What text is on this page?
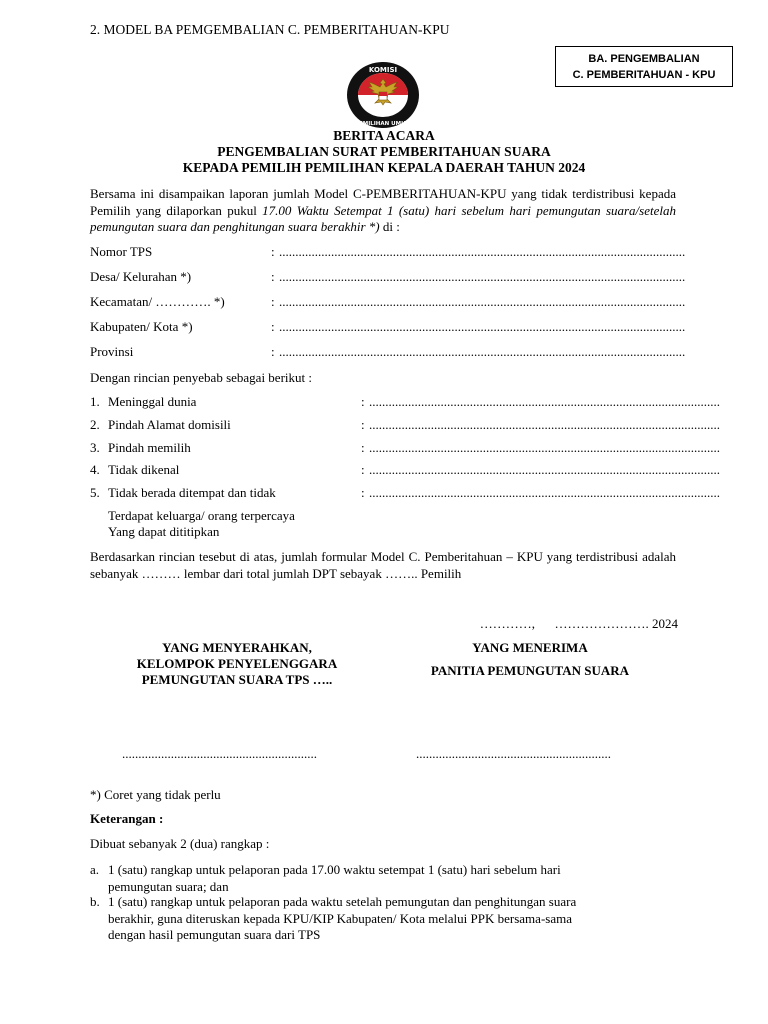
2. MODEL BA PEMGEMBALIAN C. PEMBERITAHUAN-KPU
BA. PENGEMBALIAN
C. PEMBERITAHUAN - KPU
KOMISI
PEMILIHAN UMUM
BERITA ACARA
PENGEMBALIAN SURAT PEMBERITAHUAN SUARA
KEPADA PEMILIH PEMILIHAN KEPALA DAERAH TAHUN 2024
Bersama ini disampaikan laporan jumlah Model C-PEMBERITAHUAN-KPU yang tidak terdistribusi kepada Pemilih yang dilaporkan pukul 17.00 Waktu Setempat 1 (satu) hari sebelum hari pemungutan suara/setelah pemungutan suara dan penghitungan suara berakhir *) di :
Nomor TPS	: .............................................................................................................................
Desa/ Kelurahan *)	: .............................................................................................................................
Kecamatan/ …………. *)	: .............................................................................................................................
Kabupaten/ Kota *)	: .............................................................................................................................
Provinsi	: .............................................................................................................................
Dengan rincian penyebab sebagai berikut :
1. Meninggal dunia	: ............................................................................................................
2. Pindah Alamat domisili	: ............................................................................................................
3. Pindah memilih	: ............................................................................................................
4. Tidak dikenal	: ............................................................................................................
5. Tidak berada ditempat dan tidak	: ............................................................................................................
Terdapat keluarga/ orang terpercaya
Yang dapat dititipkan
Berdasarkan rincian tesebut di atas, jumlah formular Model C. Pemberitahuan – KPU yang terdistribusi adalah sebanyak ……… lembar dari total jumlah DPT sebayak …….. Pemilih
…………,      …………………. 2024
YANG MENYERAHKAN,
KELOMPOK PENYELENGGARA
PEMUNGUTAN SUARA TPS …..
YANG MENERIMA
PANITIA PEMUNGUTAN SUARA
............................................................	............................................................
*) Coret yang tidak perlu
Keterangan :
Dibuat sebanyak 2 (dua) rangkap :
a. 1 (satu) rangkap untuk pelaporan pada 17.00 waktu setempat 1 (satu) hari sebelum hari
pemungutan suara; dan
b. 1 (satu) rangkap untuk pelaporan pada waktu setelah pemungutan dan penghitungan suara
berakhir, guna diteruskan kepada KPU/KIP Kabupaten/ Kota melalui PPK bersama-sama
dengan hasil pemungutan suara dari TPS
